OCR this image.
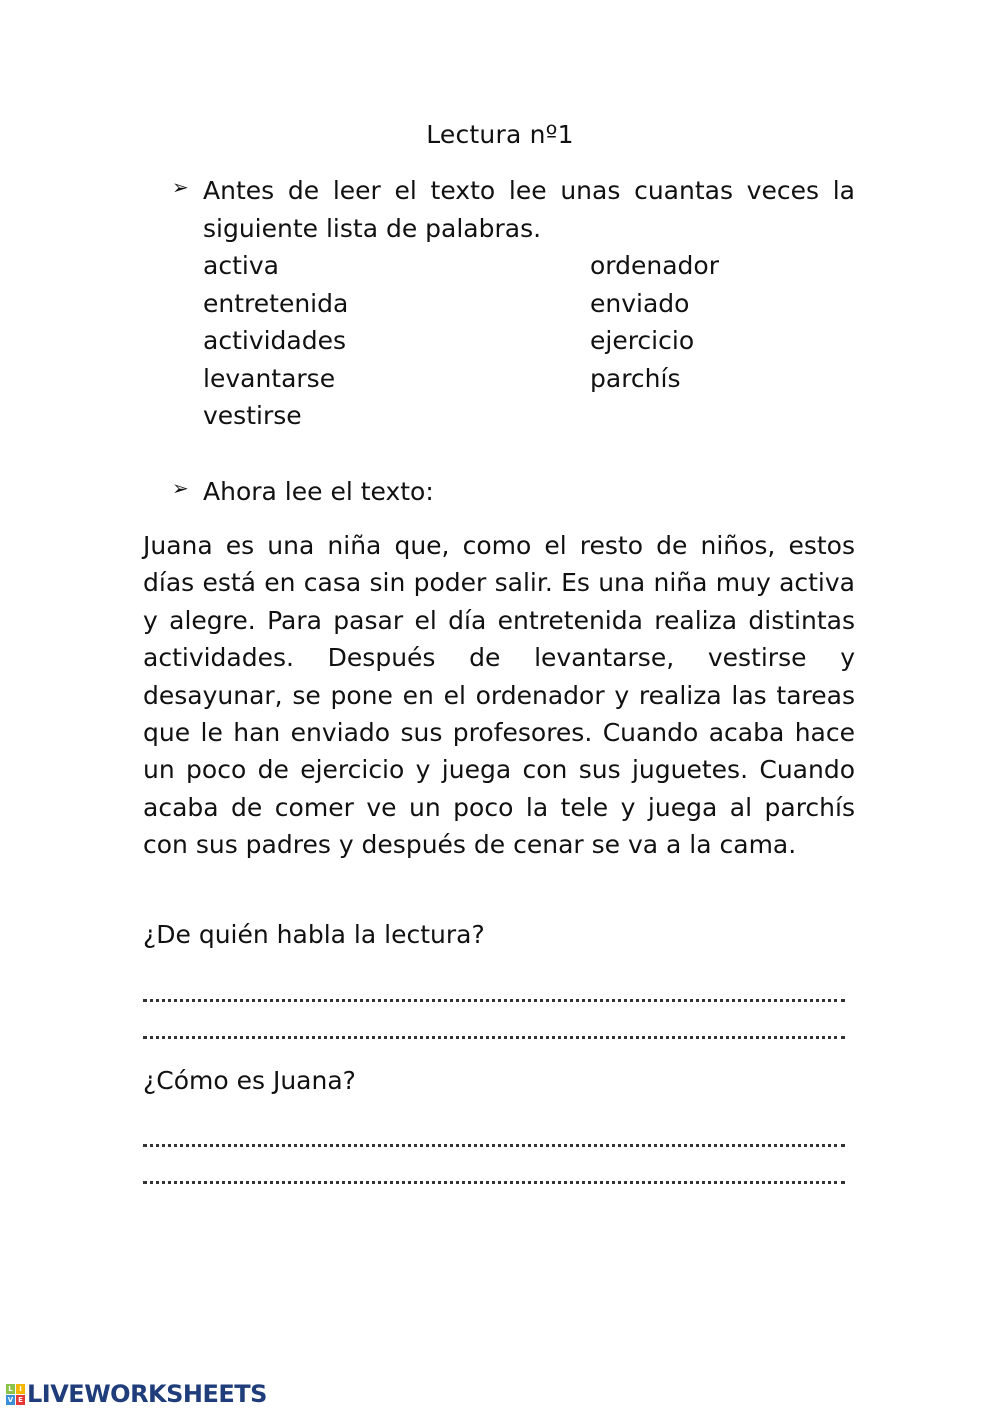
Lectura nº1
➢ Antes de leer el texto lee unas cuantas veces la siguiente lista de palabras.
activa
entretenida
actividades
levantarse
vestirse
ordenador
enviado
ejercicio
parchís
➢ Ahora lee el texto:
Juana es una niña que, como el resto de niños, estos días está en casa sin poder salir. Es una niña muy activa y alegre. Para pasar el día entretenida realiza distintas actividades. Después de levantarse, vestirse y desayunar, se pone en el ordenador y realiza las tareas que le han enviado sus profesores. Cuando acaba hace un poco de ejercicio y juega con sus juguetes. Cuando acaba de comer ve un poco la tele y juega al parchís con sus padres y después de cenar se va a la cama.
¿De quién habla la lectura?
¿Cómo es Juana?
L I
V E LIVEWORKSHEETS
